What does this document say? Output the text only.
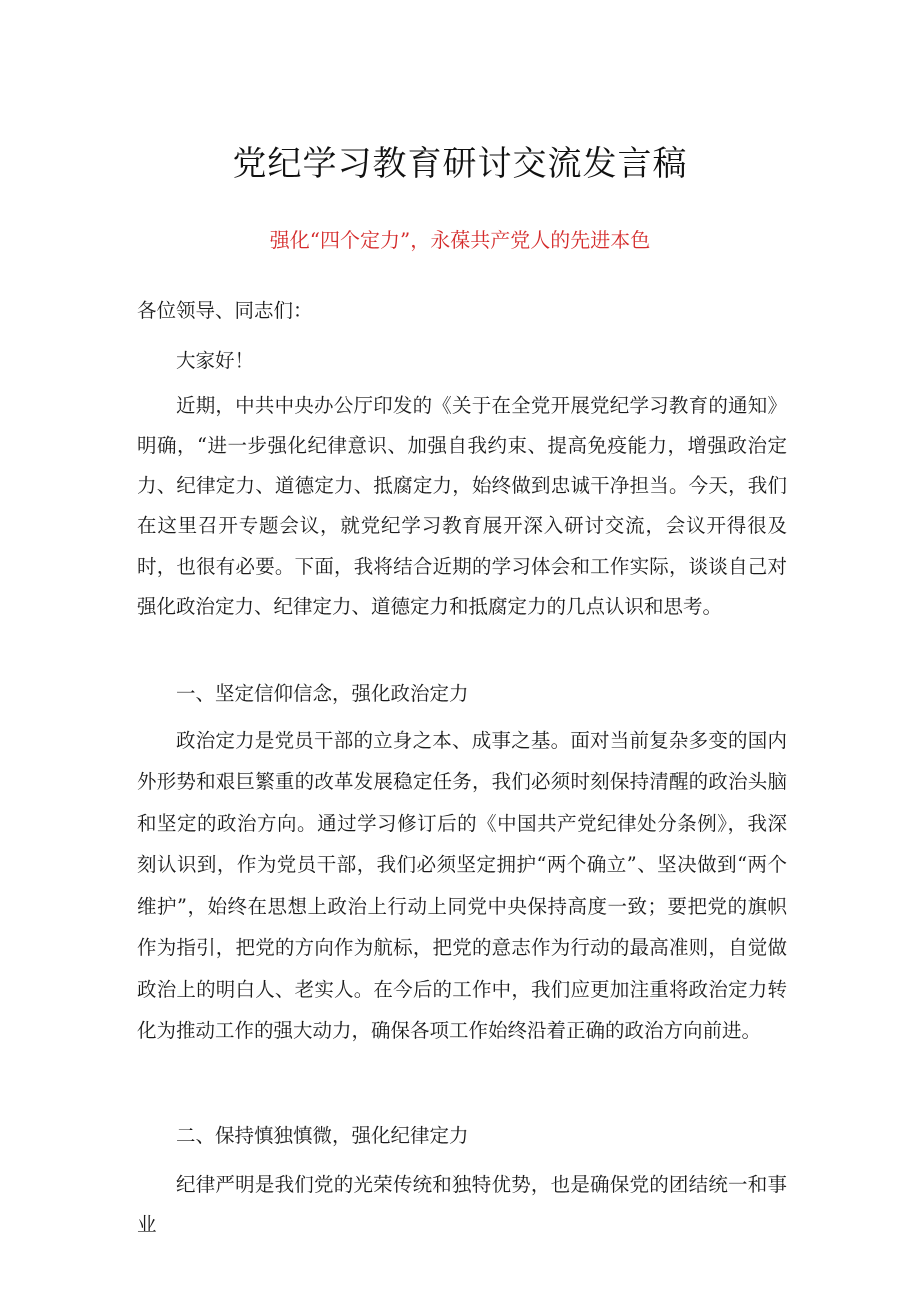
党纪学习教育研讨交流发言稿
强化“四个定力”，永葆共产党人的先进本色

各位领导、同志们：

大家好！

近期，中共中央办公厅印发的《关于在全党开展党纪学习教育的通知》明确，“进一步强化纪律意识、加强自我约束、提高免疫能力，增强政治定力、纪律定力、道德定力、抵腐定力，始终做到忠诚干净担当。今天，我们在这里召开专题会议，就党纪学习教育展开深入研讨交流，会议开得很及时，也很有必要。下面，我将结合近期的学习体会和工作实际，谈谈自己对强化政治定力、纪律定力、道德定力和抵腐定力的几点认识和思考。

一、坚定信仰信念，强化政治定力

政治定力是党员干部的立身之本、成事之基。面对当前复杂多变的国内外形势和艰巨繁重的改革发展稳定任务，我们必须时刻保持清醒的政治头脑和坚定的政治方向。通过学习修订后的《中国共产党纪律处分条例》，我深刻认识到，作为党员干部，我们必须坚定拥护“两个确立”、坚决做到“两个维护”，始终在思想上政治上行动上同党中央保持高度一致；要把党的旗帜作为指引，把党的方向作为航标，把党的意志作为行动的最高准则，自觉做政治上的明白人、老实人。在今后的工作中，我们应更加注重将政治定力转化为推动工作的强大动力，确保各项工作始终沿着正确的政治方向前进。

二、保持慎独慎微，强化纪律定力

纪律严明是我们党的光荣传统和独特优势，也是确保党的团结统一和事业
